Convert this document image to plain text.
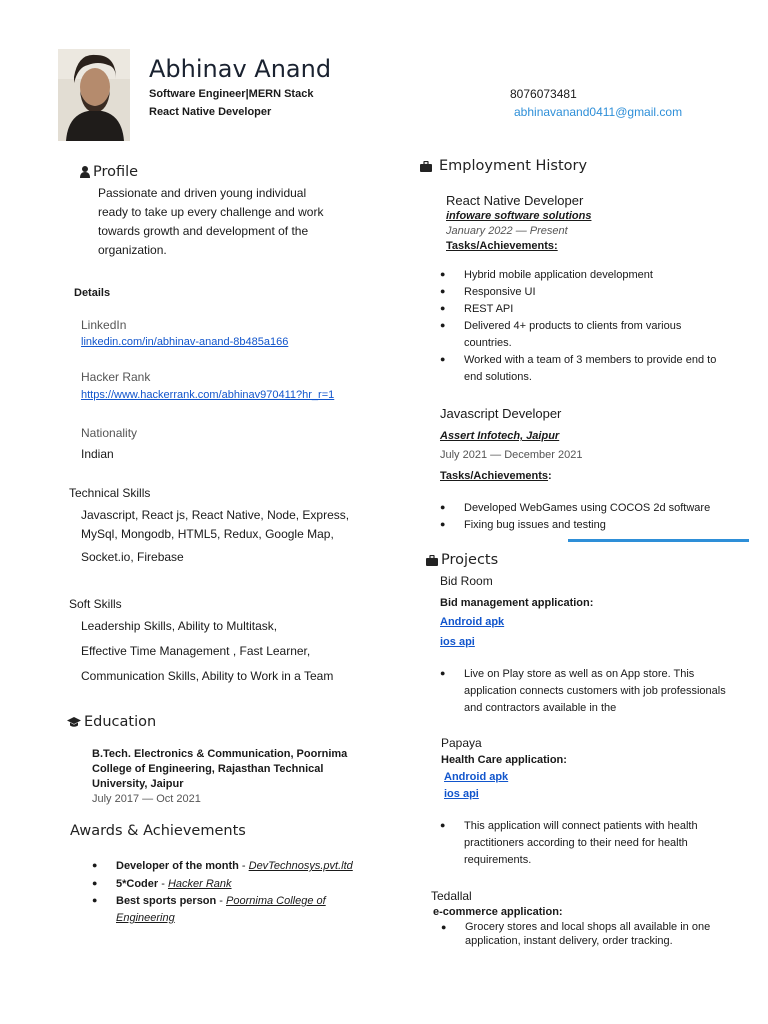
Abhinav Anand
Software Engineer|MERN Stack
React Native Developer
8076073481
abhinavanand0411@gmail.com
Profile
Passionate and driven young individual
ready to take up every challenge and work
towards growth and development of the
organization.
Details
LinkedIn
linkedin.com/in/abhinav-anand-8b485a166
Hacker Rank
https://www.hackerrank.com/abhinav970411?hr_r=1
Nationality
Indian
Technical Skills
Javascript, React js, React Native, Node, Express,
MySql, Mongodb, HTML5, Redux, Google Map,
Socket.io, Firebase
Soft Skills
Leadership Skills, Ability to Multitask,
Effective Time Management , Fast Learner,
Communication Skills, Ability to Work in a Team
Education
B.Tech. Electronics & Communication, Poornima
College of Engineering, Rajasthan Technical
University, Jaipur
July 2017 — Oct 2021
Awards & Achievements
● Developer of the month - DevTechnosys.pvt.ltd
● 5*Coder - Hacker Rank
● Best sports person - Poornima College of Engineering
Employment History
React Native Developer
infoware software solutions
January 2022 — Present
Tasks/Achievements:
● Hybrid mobile application development
● Responsive UI
● REST API
● Delivered 4+ products to clients from various countries.
● Worked with a team of 3 members to provide end to end solutions.
Javascript Developer
Assert Infotech, Jaipur
July 2021 — December 2021
Tasks/Achievements:
● Developed WebGames using COCOS 2d software
● Fixing bug issues and testing
Projects
Bid Room
Bid management application:
Android apk
ios api
● Live on Play store as well as on App store. This application connects customers with job professionals and contractors available in the
Papaya
Health Care application:
Android apk
ios api
● This application will connect patients with health practitioners according to their need for health requirements.
Tedallal
e-commerce application:
● Grocery stores and local shops all available in one application, instant delivery, order tracking.
